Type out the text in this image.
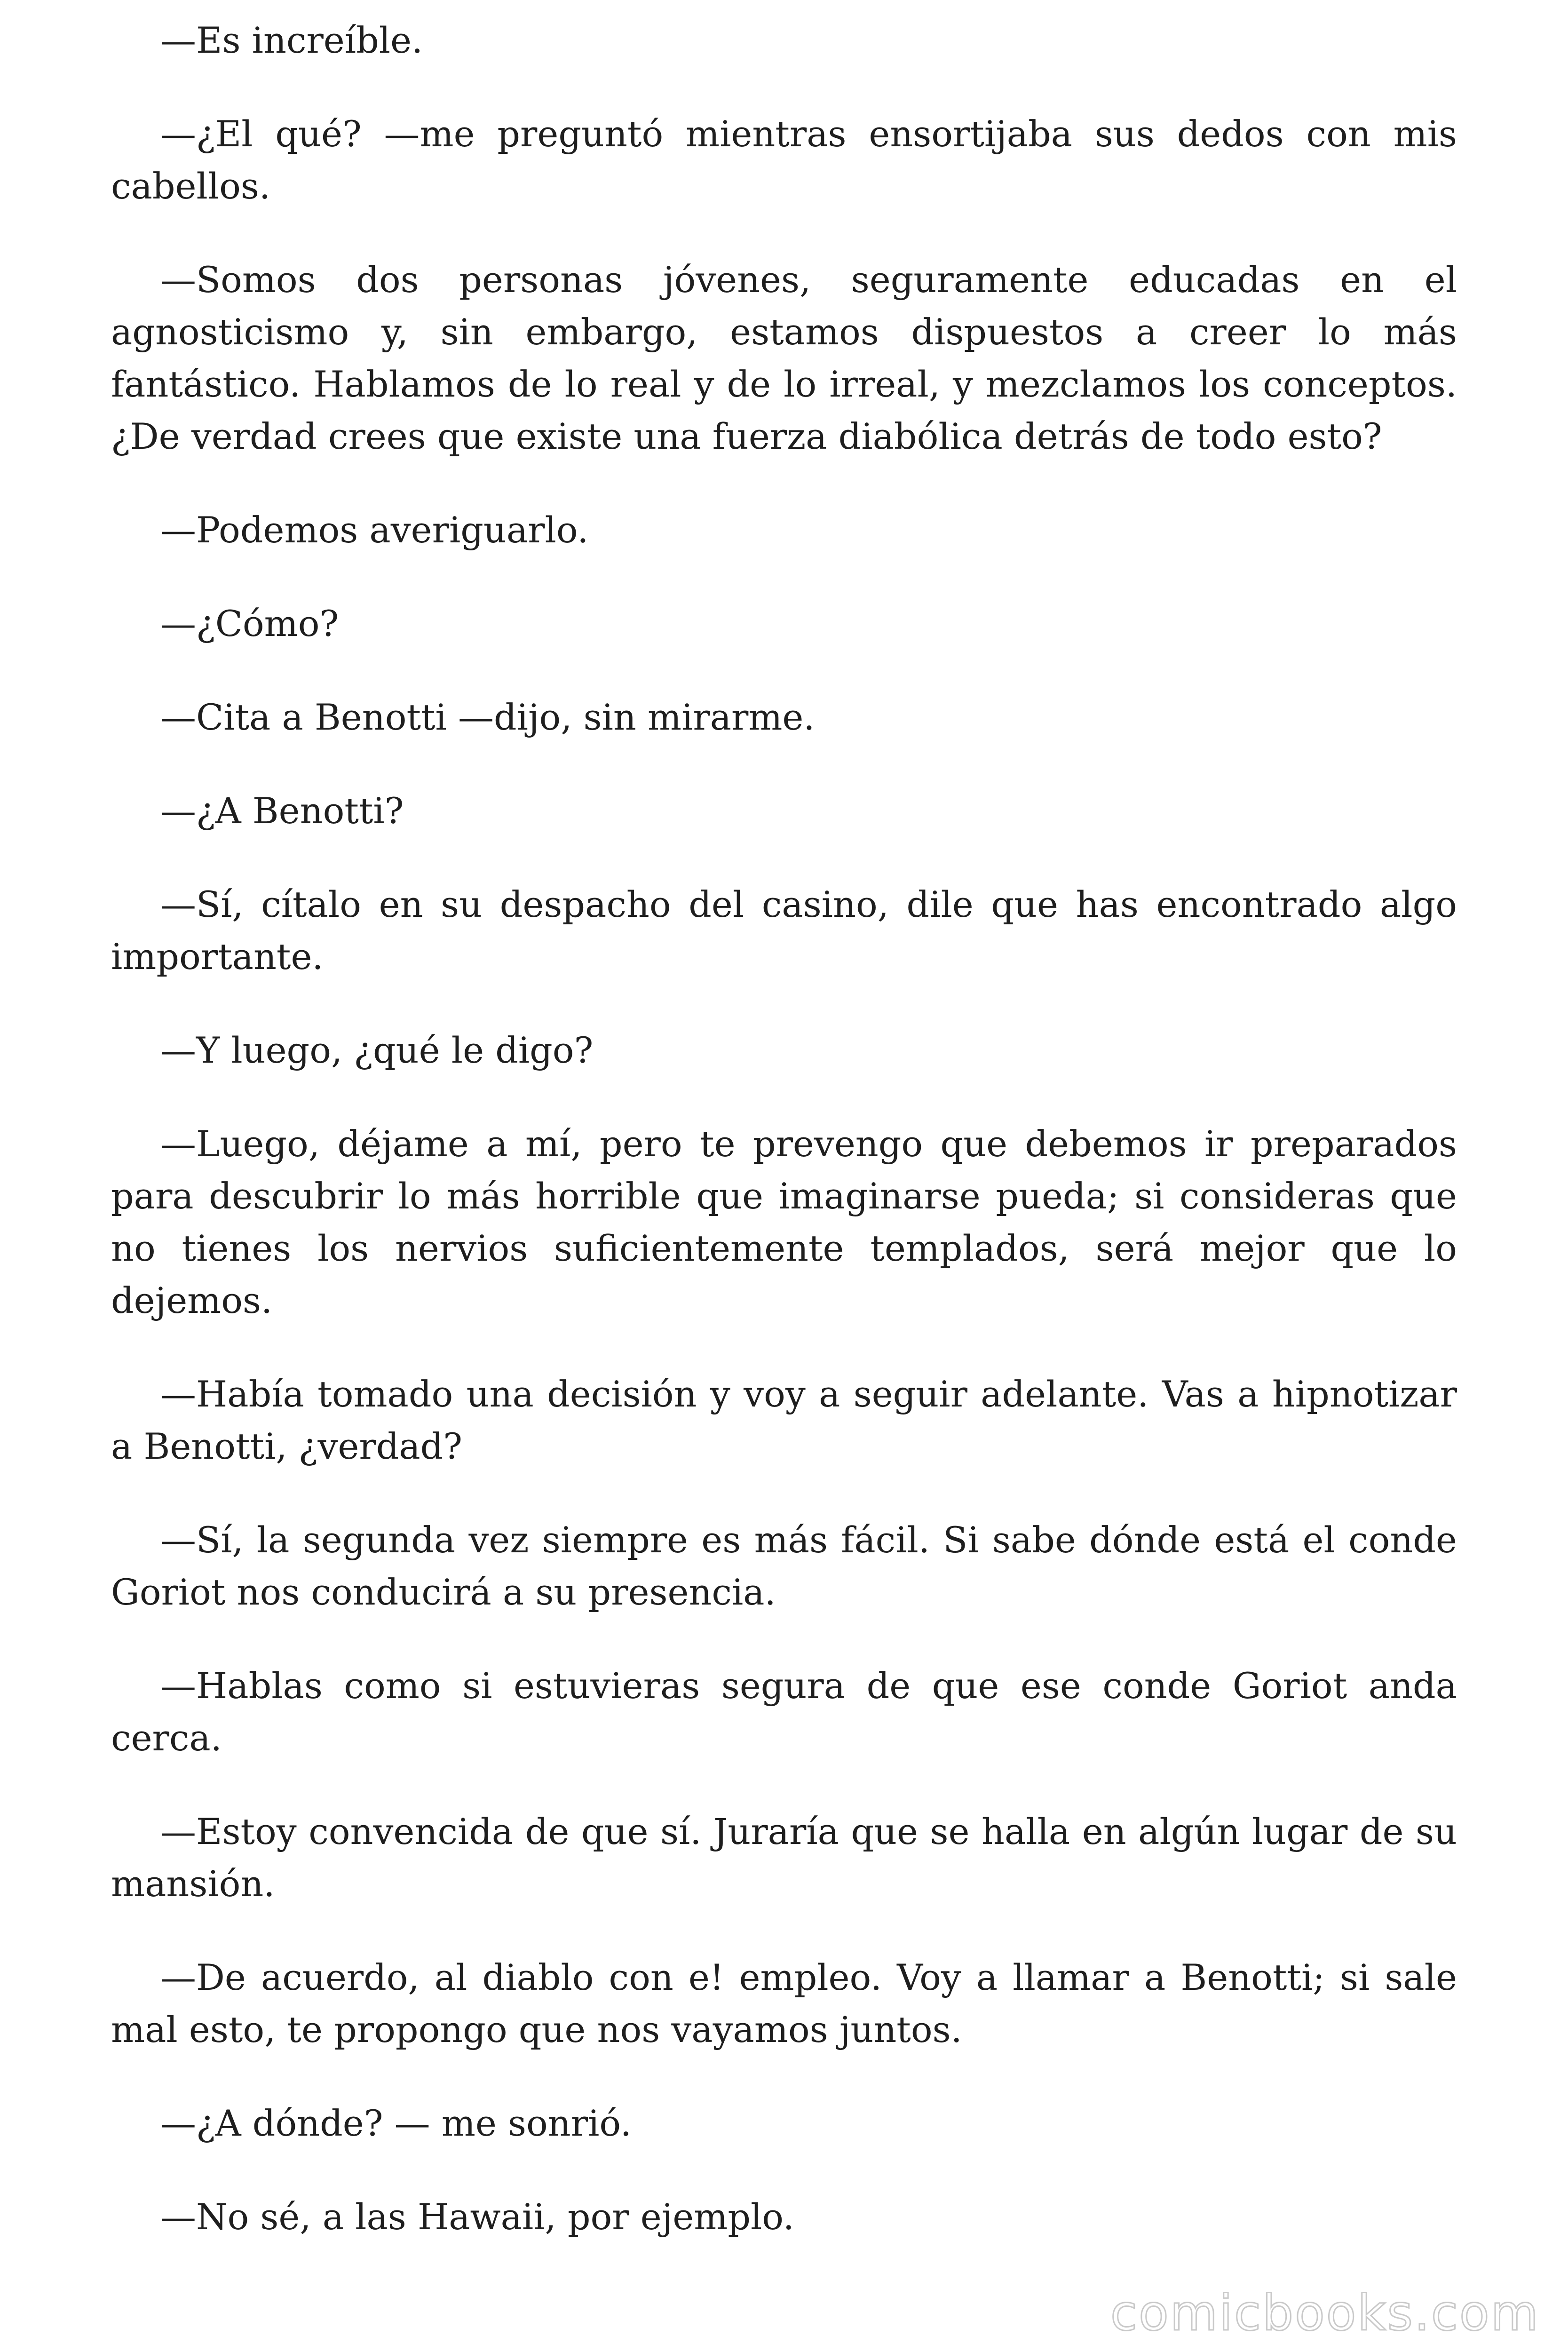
—Es increíble.

—¿El qué? —me preguntó mientras ensortijaba sus dedos con mis cabellos.

—Somos dos personas jóvenes, seguramente educadas en el agnosticismo y, sin embargo, estamos dispuestos a creer lo más fantástico. Hablamos de lo real y de lo irreal, y mezclamos los conceptos. ¿De verdad crees que existe una fuerza diabólica detrás de todo esto?

—Podemos averiguarlo.

—¿Cómo?

—Cita a Benotti —dijo, sin mirarme.

—¿A Benotti?

—Sí, cítalo en su despacho del casino, dile que has encontrado algo importante.

—Y luego, ¿qué le digo?

—Luego, déjame a mí, pero te prevengo que debemos ir preparados para descubrir lo más horrible que imaginarse pueda; si consideras que no tienes los nervios suficientemente templados, será mejor que lo dejemos.

—Había tomado una decisión y voy a seguir adelante. Vas a hipnotizar a Benotti, ¿verdad?

—Sí, la segunda vez siempre es más fácil. Si sabe dónde está el conde Goriot nos conducirá a su presencia.

—Hablas como si estuvieras segura de que ese conde Goriot anda cerca.

—Estoy convencida de que sí. Juraría que se halla en algún lugar de su mansión.

—De acuerdo, al diablo con e! empleo. Voy a llamar a Benotti; si sale mal esto, te propongo que nos vayamos juntos.

—¿A dónde? — me sonrió.

—No sé, a las Hawaii, por ejemplo.

comicbooks.com
